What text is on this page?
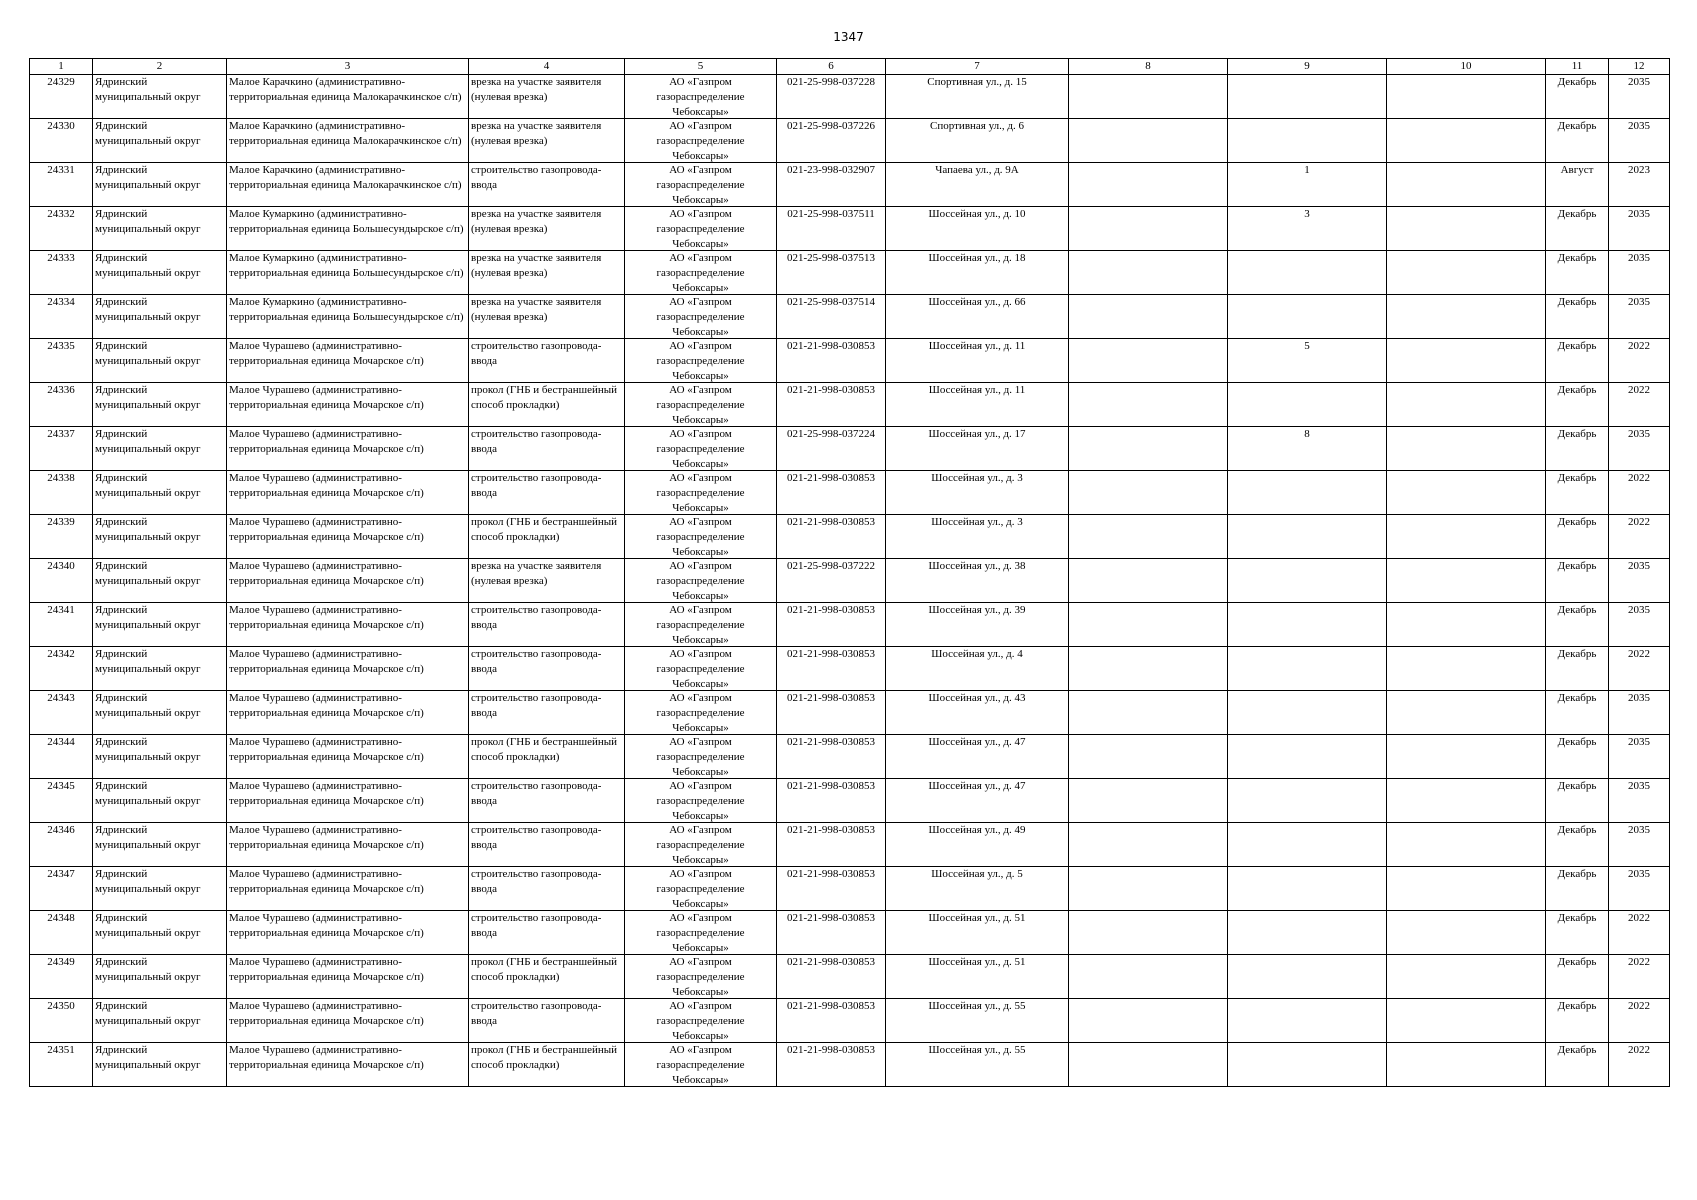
1347
1	2	3	4	5	6	7	8	9	10	11	12

24329	Ядринский муниципальный округ	Малое Карачкино (административно-территориальная единица Малокарачкинское с/п)	врезка на участке заявителя (нулевая врезка)	АО «Газпром газораспределение Чебоксары»	021-25-998-037228	Спортивная ул., д. 15				Декабрь	2035

24330	Ядринский муниципальный округ	Малое Карачкино (административно-территориальная единица Малокарачкинское с/п)	врезка на участке заявителя (нулевая врезка)	АО «Газпром газораспределение Чебоксары»	021-25-998-037226	Спортивная ул., д. 6				Декабрь	2035

24331	Ядринский муниципальный округ	Малое Карачкино (административно-территориальная единица Малокарачкинское с/п)	строительство газопровода-ввода	АО «Газпром газораспределение Чебоксары»	021-23-998-032907	Чапаева ул., д. 9А		1		Август	2023

24332	Ядринский муниципальный округ	Малое Кумаркино (административно-территориальная единица Большесундырское с/п)	врезка на участке заявителя (нулевая врезка)	АО «Газпром газораспределение Чебоксары»	021-25-998-037511	Шоссейная ул., д. 10		3		Декабрь	2035

24333	Ядринский муниципальный округ	Малое Кумаркино (административно-территориальная единица Большесундырское с/п)	врезка на участке заявителя (нулевая врезка)	АО «Газпром газораспределение Чебоксары»	021-25-998-037513	Шоссейная ул., д. 18				Декабрь	2035

24334	Ядринский муниципальный округ	Малое Кумаркино (административно-территориальная единица Большесундырское с/п)	врезка на участке заявителя (нулевая врезка)	АО «Газпром газораспределение Чебоксары»	021-25-998-037514	Шоссейная ул., д. 66				Декабрь	2035

24335	Ядринский муниципальный округ	Малое Чурашево (административно-территориальная единица Мочарское с/п)	строительство газопровода-ввода	АО «Газпром газораспределение Чебоксары»	021-21-998-030853	Шоссейная ул., д. 11		5		Декабрь	2022

24336	Ядринский муниципальный округ	Малое Чурашево (административно-территориальная единица Мочарское с/п)	прокол (ГНБ и бестраншейный способ прокладки)	АО «Газпром газораспределение Чебоксары»	021-21-998-030853	Шоссейная ул., д. 11				Декабрь	2022

24337	Ядринский муниципальный округ	Малое Чурашево (административно-территориальная единица Мочарское с/п)	строительство газопровода-ввода	АО «Газпром газораспределение Чебоксары»	021-25-998-037224	Шоссейная ул., д. 17		8		Декабрь	2035

24338	Ядринский муниципальный округ	Малое Чурашево (административно-территориальная единица Мочарское с/п)	строительство газопровода-ввода	АО «Газпром газораспределение Чебоксары»	021-21-998-030853	Шоссейная ул., д. 3				Декабрь	2022

24339	Ядринский муниципальный округ	Малое Чурашево (административно-территориальная единица Мочарское с/п)	прокол (ГНБ и бестраншейный способ прокладки)	АО «Газпром газораспределение Чебоксары»	021-21-998-030853	Шоссейная ул., д. 3				Декабрь	2022

24340	Ядринский муниципальный округ	Малое Чурашево (административно-территориальная единица Мочарское с/п)	врезка на участке заявителя (нулевая врезка)	АО «Газпром газораспределение Чебоксары»	021-25-998-037222	Шоссейная ул., д. 38				Декабрь	2035

24341	Ядринский муниципальный округ	Малое Чурашево (административно-территориальная единица Мочарское с/п)	строительство газопровода-ввода	АО «Газпром газораспределение Чебоксары»	021-21-998-030853	Шоссейная ул., д. 39				Декабрь	2035

24342	Ядринский муниципальный округ	Малое Чурашево (административно-территориальная единица Мочарское с/п)	строительство газопровода-ввода	АО «Газпром газораспределение Чебоксары»	021-21-998-030853	Шоссейная ул., д. 4				Декабрь	2022

24343	Ядринский муниципальный округ	Малое Чурашево (административно-территориальная единица Мочарское с/п)	строительство газопровода-ввода	АО «Газпром газораспределение Чебоксары»	021-21-998-030853	Шоссейная ул., д. 43				Декабрь	2035

24344	Ядринский муниципальный округ	Малое Чурашево (административно-территориальная единица Мочарское с/п)	прокол (ГНБ и бестраншейный способ прокладки)	АО «Газпром газораспределение Чебоксары»	021-21-998-030853	Шоссейная ул., д. 47				Декабрь	2035

24345	Ядринский муниципальный округ	Малое Чурашево (административно-территориальная единица Мочарское с/п)	строительство газопровода-ввода	АО «Газпром газораспределение Чебоксары»	021-21-998-030853	Шоссейная ул., д. 47				Декабрь	2035

24346	Ядринский муниципальный округ	Малое Чурашево (административно-территориальная единица Мочарское с/п)	строительство газопровода-ввода	АО «Газпром газораспределение Чебоксары»	021-21-998-030853	Шоссейная ул., д. 49				Декабрь	2035

24347	Ядринский муниципальный округ	Малое Чурашево (административно-территориальная единица Мочарское с/п)	строительство газопровода-ввода	АО «Газпром газораспределение Чебоксары»	021-21-998-030853	Шоссейная ул., д. 5				Декабрь	2035

24348	Ядринский муниципальный округ	Малое Чурашево (административно-территориальная единица Мочарское с/п)	строительство газопровода-ввода	АО «Газпром газораспределение Чебоксары»	021-21-998-030853	Шоссейная ул., д. 51				Декабрь	2022

24349	Ядринский муниципальный округ	Малое Чурашево (административно-территориальная единица Мочарское с/п)	прокол (ГНБ и бестраншейный способ прокладки)	АО «Газпром газораспределение Чебоксары»	021-21-998-030853	Шоссейная ул., д. 51				Декабрь	2022

24350	Ядринский муниципальный округ	Малое Чурашево (административно-территориальная единица Мочарское с/п)	строительство газопровода-ввода	АО «Газпром газораспределение Чебоксары»	021-21-998-030853	Шоссейная ул., д. 55				Декабрь	2022

24351	Ядринский муниципальный округ	Малое Чурашево (административно-территориальная единица Мочарское с/п)	прокол (ГНБ и бестраншейный способ прокладки)	АО «Газпром газораспределение Чебоксары»	021-21-998-030853	Шоссейная ул., д. 55				Декабрь	2022
